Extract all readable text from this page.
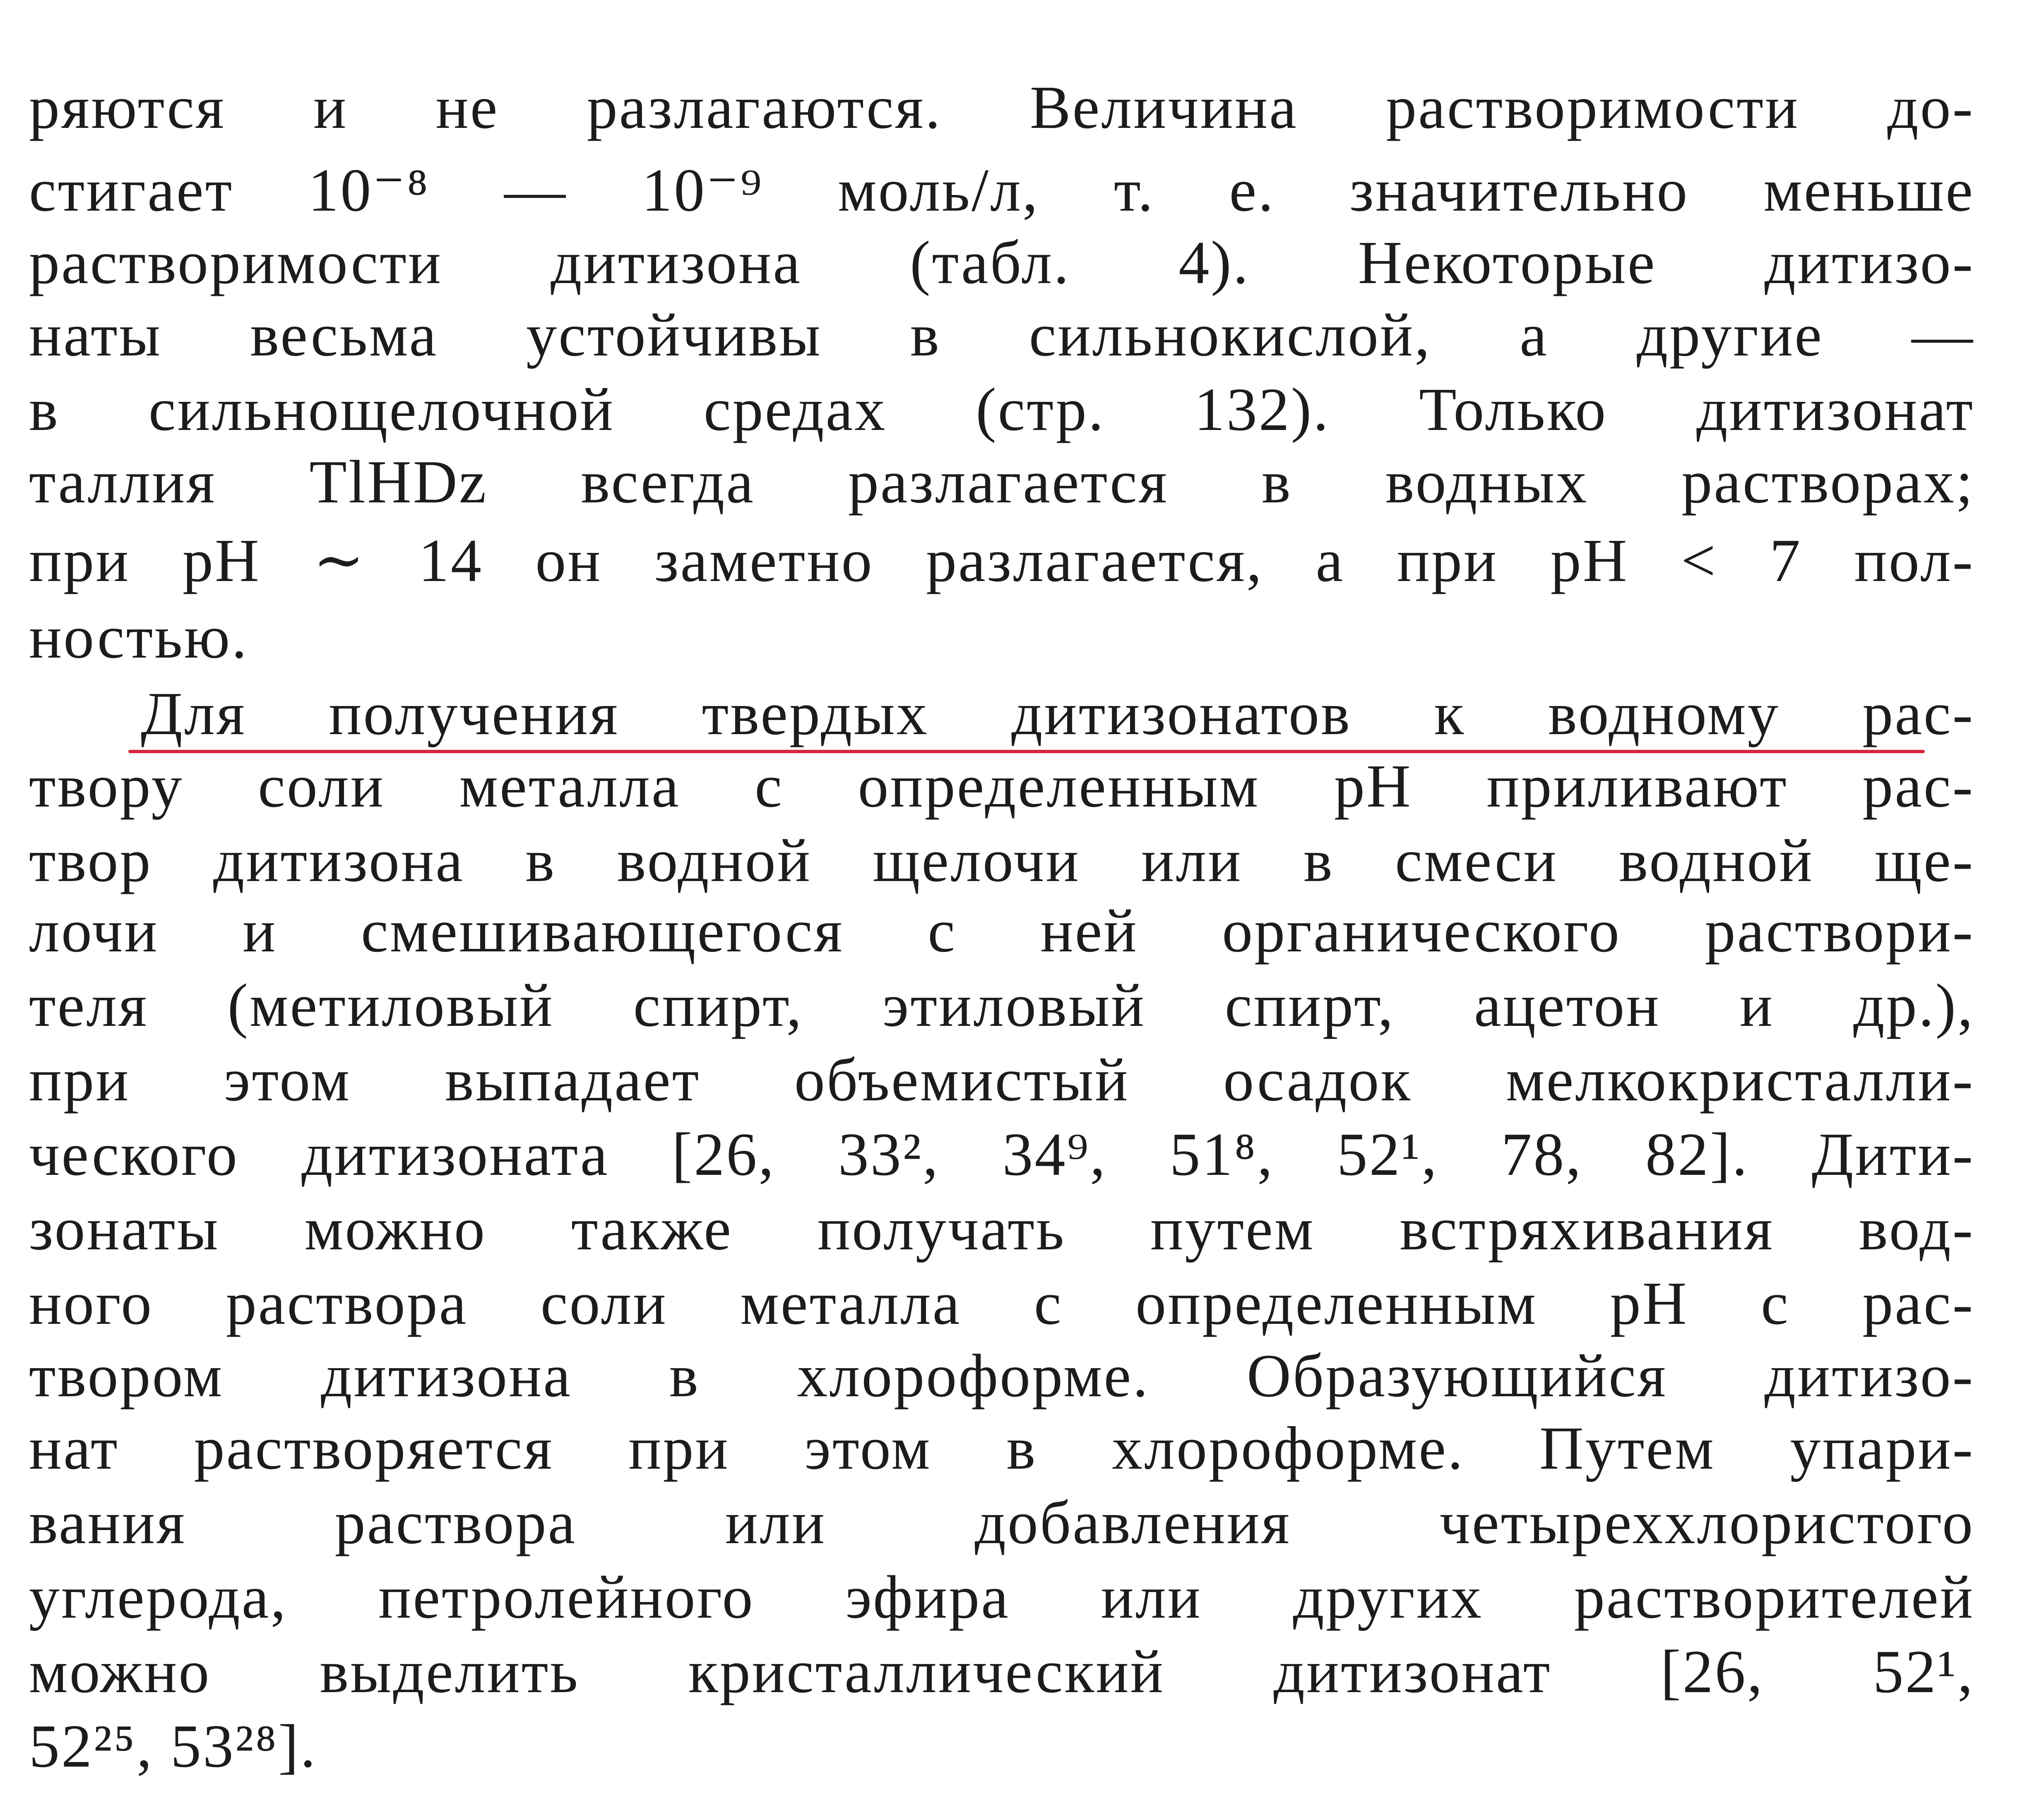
ряются и не разлагаются. Величина растворимости до-
стигает 10⁻⁸ — 10⁻⁹ моль/л, т. е. значительно меньше
растворимости дитизона (табл. 4). Некоторые дитизо-
наты весьма устойчивы в сильнокислой, а другие —
в сильнощелочной средах (стр. 132). Только дитизонат
таллия TlHDz всегда разлагается в водных растворах;
при pH ∼ 14 он заметно разлагается, а при pH < 7 пол-
ностью.
Для получения твердых дитизонатов к водному рас-
твору соли металла с определенным pH приливают рас-
твор дитизона в водной щелочи или в смеси водной ще-
лочи и смешивающегося с ней органического раствори-
теля (метиловый спирт, этиловый спирт, ацетон и др.),
при этом выпадает объемистый осадок мелкокристалли-
ческого дитизоната [26, 33², 34⁹, 51⁸, 52¹, 78, 82]. Дити-
зонаты можно также получать путем встряхивания вод-
ного раствора соли металла с определенным pH с рас-
твором дитизона в хлороформе. Образующийся дитизо-
нат растворяется при этом в хлороформе. Путем упари-
вания раствора или добавления четыреххлористого
углерода, петролейного эфира или других растворителей
можно выделить кристаллический дитизонат [26, 52¹,
52²⁵, 53²⁸].
